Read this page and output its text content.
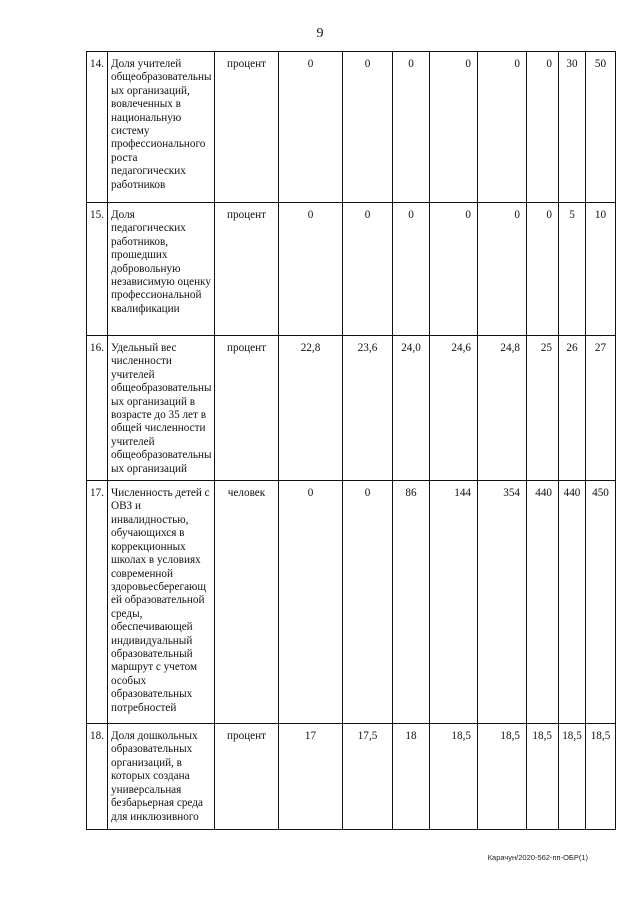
9
14.	Доля учителей общеобразовательны ых организаций, вовлеченных в национальную систему профессионального роста педагогических работников	процент	0	0	0	0	0	0	30	50
15.	Доля педагогических работников, прошедших добровольную независимую оценку профессиональной квалификации	процент	0	0	0	0	0	0	5	10
16.	Удельный вес численности учителей общеобразовательны ых организаций в возрасте до 35 лет в общей численности учителей общеобразовательны ых организаций	процент	22,8	23,6	24,0	24,6	24,8	25	26	27
17.	Численность детей с ОВЗ и инвалидностью, обучающихся в коррекционных школах в условиях современной здоровьесберегающ ей образовательной среды, обеспечивающей индивидуальный образовательный маршрут с учетом особых образовательных потребностей	человек	0	0	86	144	354	440	440	450
18.	Доля дошкольных образовательных организаций, в которых создана универсальная безбарьерная среда для инклюзивного	процент	17	17,5	18	18,5	18,5	18,5	18,5	18,5
Карачун/2020-562-пп-ОБР(1)
